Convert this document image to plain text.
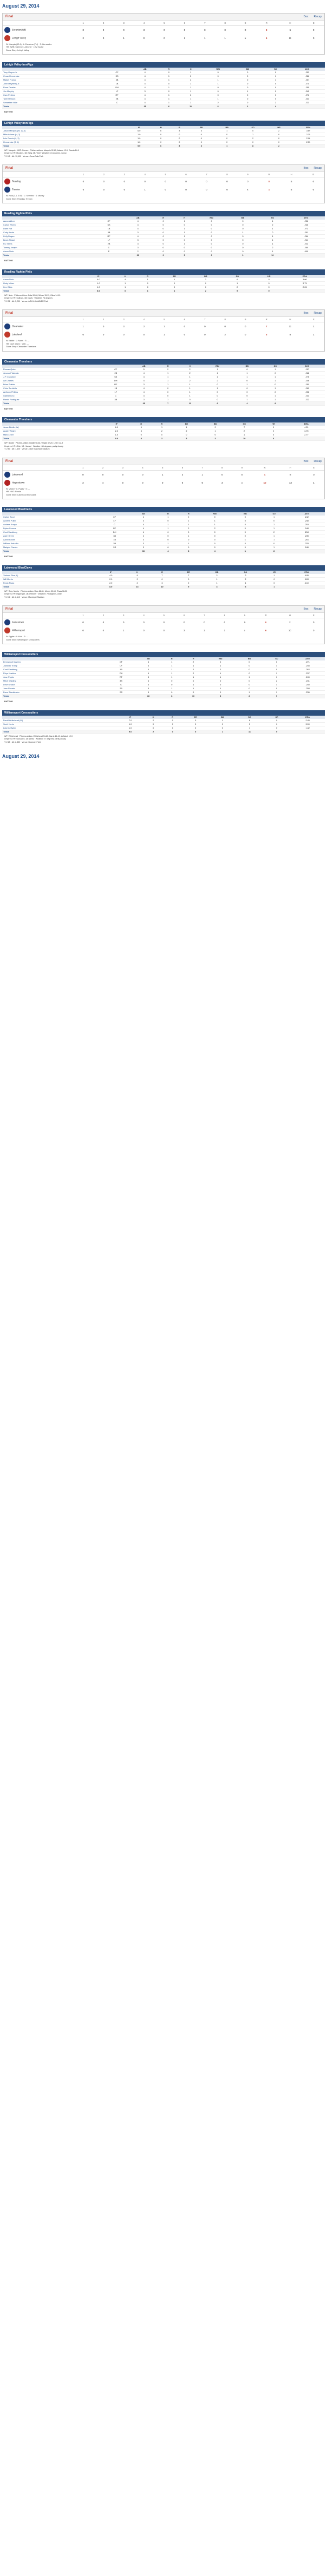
August 29, 2014
Final	Box Recap
	1	2	3	4	5	6	7	8	9	R	H	E
Scranton/WB	0	0	0	3	0	0	0	0	0	3	6	0
Lehigh Valley	2	0	1	0	0	1	1	1	x	6	11	0
W: Marquis (12-4) · L: Escalona (7-4) · S: Hernandez
HR: SWB: Sizemore, Almonte · LHV: Asche
Game Story: Lehigh Valley
Lehigh Valley IronPigs
		AB	R	H	RBI	BB	SO	AVG
Tony Gwynn Jr.	CF	4	0	1	0	0	0	.252
Cesar Hernandez	SS	4	1	2	0	0	1	.286
Maikel Franco	3B	4	1	2	1	0	1	.257
John Mayberry Jr.	1B	4	0	1	1	0	0	.274
Russ Canzler	DH	4	1	1	0	0	0	.255
Jim Murphy	LF	3	0	1	0	1	0	.245
Cam Perkins	RF	4	1	2	0	0	0	.272
Tyler Henson	2B	4	1	1	1	0	0	.233
Sebastian Valle	C	4	1	1	2	0	2	.223
Totals		35	6	11	6	1	4	
BATTING
Lehigh Valley IronPigs
	IP	H	R	ER	BB	SO	HR	ERA
Jason Marquis (W, 12-4)	6.0	6	3	3	1	5	2	3.69
Mike Adams (H, 2)	1.0	0	0	0	0	1	0	2.25
Luis Garcia (H, 3)	1.0	0	0	0	0	2	0	2.98
Hernandez (S, 4)	1.0	0	0	0	0	0	0	2.53
Totals	9.0	6	3	3	1	8	2	
WP: Marquis · HBP: Franco · Pitches-strikes: Marquis 92-61, Adams 12-9, Garcia 14-9
Umpires: HP: Morales, 1B: Kelly, 3B: Wolf · Weather: 81 degrees, sunny
T: 2:45 · Att: 10,100 · Venue: Coca-Cola Park
Final	Box Recap
	1	2	3	4	5	6	7	8	9	R	H	E
Reading	0	0	0	0	0	0	0	0	0	0	5	0
Trenton	0	0	0	1	0	0	0	0	x	1	6	0
W: Nola (3-1, 3.00) · L: Severino · S: Murray
Game Story: Reading, Trenton
Reading Fightin Phils
		AB	R	H	RBI	BB	SO	AVG
Aaron Altherr	CF	4	0	1	0	0	1	.236
Carlos Rivero	SS	4	0	0	0	0	2	.246
Darin Ruf	1B	4	0	1	0	0	1	.272
Cody Asche	3B	3	0	1	0	1	0	.251
Kelly Dugan	RF	4	0	1	0	0	1	.264
Brock Stassi	LF	3	0	0	0	0	1	.241
KC Serna	2B	3	0	1	0	0	1	.222
Tommy Joseph	C	3	0	0	0	0	2	.260
Aaron Nola	P	2	0	0	0	0	1	.000
Totals		30	0	5	0	1	10	
BATTING
Reading Fightin Phils
	IP	H	R	ER	BB	SO	HR	ERA
Aaron Nola	6.0	4	1	1	2	6	0	3.00
Hoby Milner	1.0	1	0	0	0	1	0	3.75
Ken Giles	1.0	1	0	0	0	2	0	2.05
Totals	8.0	6	1	1	2	9	0	
WP: Nola · Pitches-strikes: Nola 90-60, Milner 15-11, Giles 14-10
Umpires: HP: Sullivan, 1B: Davis · Weather: 76 degrees
T: 2:32 · Att: 5,200 · Venue: ARM & HAMMER Park
Final	Box Recap
	1	2	3	4	5	6	7	8	9	R	H	E
Clearwater	1	0	3	2	1	0	0	0	0	7	11	1
Lakeland	0	0	0	0	1	0	0	2	0	3	8	1
W: Biddle · L: Norris · S: —
HR: CLW: Quinn · LAK: —
Game Story: Clearwater Threshers
Clearwater Threshers
		AB	R	H	RBI	BB	SO	AVG
Roman Quinn	CF	5	2	2	1	0	1	.257
Jesmuel Valentin	2B	4	1	2	1	1	0	.268
J.P. Crawford	SS	4	1	1	1	1	1	.275
Art Charles	DH	4	1	2	2	0	1	.248
Brian Pointer	RF	3	1	1	0	1	0	.250
Chris Serritella	1B	4	0	1	1	0	1	.261
Anthony Phillips	LF	4	0	1	0	0	2	.236
Gabriel Lino	C	4	0	1	0	0	1	.231
Harold Rodriguez	3B	3	1	0	0	1	1	.222
Totals		35	7	11	6	4	8	
BATTING
Clearwater Threshers
	IP	H	R	ER	BB	SO	HR	ERA
Jesse Biddle (W)	6.0	5	1	1	2	7	0	4.21
Austin Wright	2.0	3	2	2	1	2	0	3.75
Mark Leiter	1.0	0	0	0	0	1	0	2.77
Totals	9.0	8	3	3	3	10	0	
WP: Biddle · Pitches-strikes: Biddle 98-64, Wright 32-20, Leiter 12-9
Umpires: HP: Ortiz, 1B: Hamari · Weather: 88 degrees, partly cloudy
T: 2:50 · Att: 1,420 · Venue: Joker Marchant Stadium
Final	Box Recap
	1	2	3	4	5	6	7	8	9	R	H	E
Lakewood	0	0	0	0	1	2	1	0	0	4	8	0
Hagerstown	3	4	0	0	0	0	0	3	x	10	13	1
W: Valdez · L: Pujols · S: —
HR: HAG: Renda
Game Story: Lakewood BlueClaws
Lakewood BlueClaws
		AB	R	H	RBI	BB	SO	AVG
Carlos Tocci	CF	4	1	2	0	0	1	.242
Andrew Pullin	LF	4	0	1	1	0	0	.248
Andrew Knapp	C	4	1	1	1	0	1	.253
Dylan Cozens	RF	4	1	2	2	0	1	.248
Cord Sandberg	DH	4	0	0	0	0	2	.218
Zach Green	3B	4	0	1	0	0	1	.235
Aaron Brown	1B	3	0	0	0	1	1	.251
Willians Astudillo	2B	3	1	1	0	0	0	.333
Malquin Canelo	SS	3	0	0	0	0	1	.246
Totals		33	4	8	4	1	8	
BATTING
Lakewood BlueClaws
	IP	H	R	ER	BB	SO	HR	ERA
Yacksel Rios (L)	4.0	9	7	7	2	3	1	4.95
Will Morris	2.0	2	0	0	1	2	0	3.28
Frank Rivas	2.0	2	3	2	1	1	0	4.10
Totals	8.0	13	10	9	4	6	1	
WP: Rios, Morris · Pitches-strikes: Rios 88-51, Morris 30-19, Rivas 36-22
Umpires: HP: Ripperger, 1B: Fletcher · Weather: 79 degrees, clear
T: 2:48 · Att: 2,110 · Venue: Municipal Stadium
Final	Box Recap
	1	2	3	4	5	6	7	8	9	R	H	E
Jamestown	0	0	0	0	0	0	0	0	0	0	2	0
Williamsport	0	0	1	0	0	3	1	1	x	6	10	0
W: Eppler · L: Kuhl · S: —
Game Story: Williamsport Crosscutters
Williamsport Crosscutters
		AB	R	H	RBI	BB	SO	AVG
Emmanuel Marrero	CF	4	1	2	0	0	0	.271
Jiandido Tromp	LF	4	1	1	1	0	1	.245
Cord Sandberg	1B	4	1	2	2	0	0	.262
Rhys Hoskins	DH	4	1	2	1	0	1	.237
Jose Pujols	RF	3	1	1	1	1	1	.249
Mitch Walding	3B	4	0	0	0	0	2	.231
Deivi Grullon	C	4	0	1	0	0	1	.240
Jose Rosario	2B	3	1	1	1	0	0	.258
Drew Stankiewicz	SS	3	0	0	0	1	1	.236
Totals		33	6	10	6	2	7	
BATTING
Williamsport Crosscutters
	IP	H	R	ER	BB	SO	HR	ERA
David Whitehead (W)	7.0	2	0	0	1	8	0	2.45
Scott Harris	1.0	0	0	0	0	2	0	3.00
Luke Leftwich	1.0	0	0	0	0	1	0	1.42
Totals	9.0	2	0	0	1	11	0	
WP: Whitehead · Pitches-strikes: Whitehead 94-63, Harris 14-10, Leftwich 12-9
Umpires: HP: Gonzalez, 1B: Lentz · Weather: 77 degrees, partly cloudy
T: 2:25 · Att: 2,850 · Venue: Bowman Field
August 29, 2014
